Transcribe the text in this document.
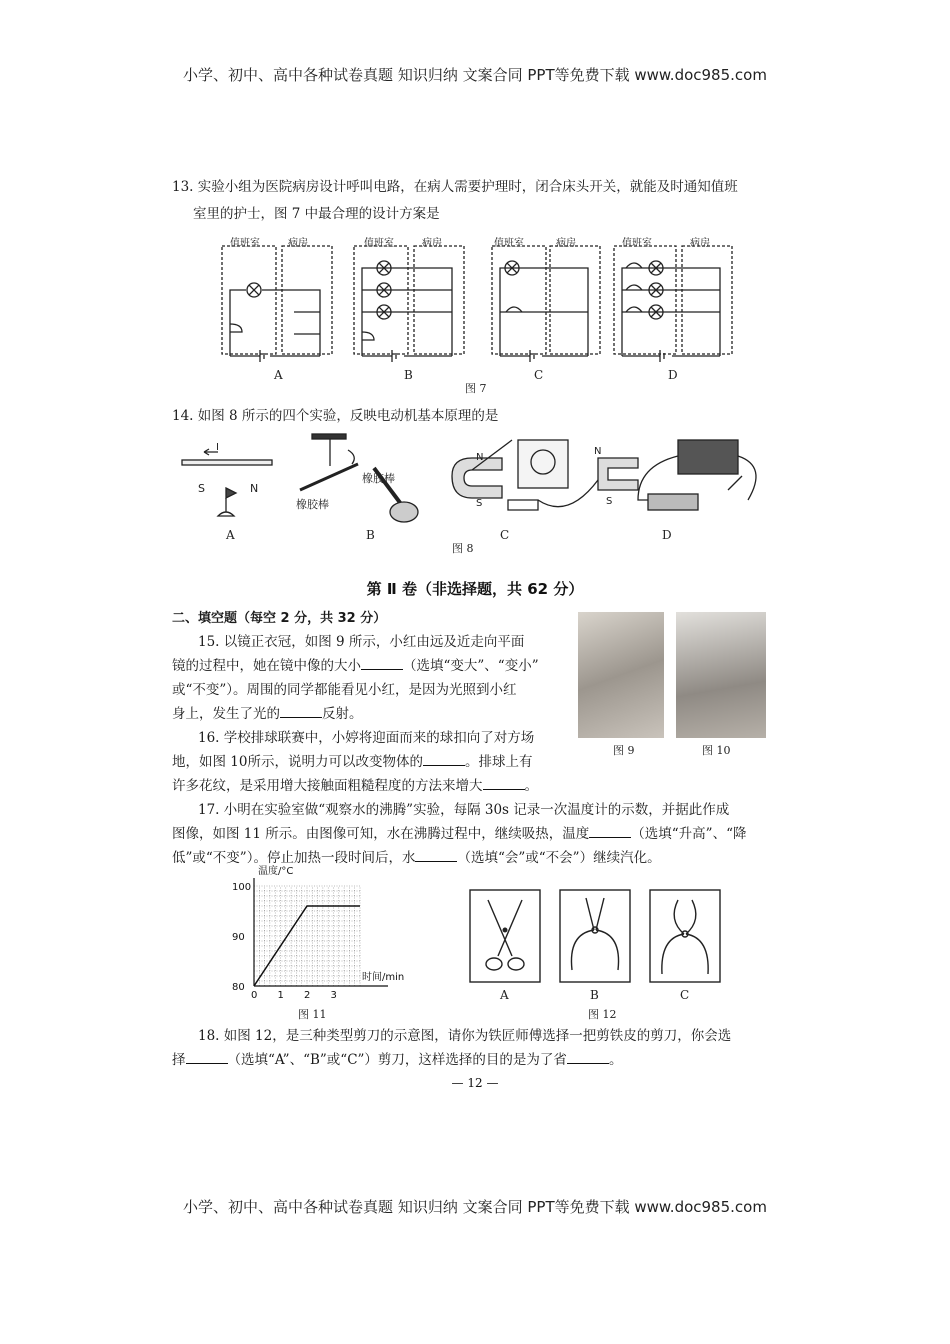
小学、初中、高中各种试卷真题 知识归纳 文案合同 PPT等免费下载 www.doc985.com
13. 实验小组为医院病房设计呼叫电路，在病人需要护理时，闭合床头开关，就能及时通知值班
室里的护士，图 7 中最合理的设计方案是
值班室	病房	值班室	病房	值班室	病房	值班室	病房
A	B	C	D
图 7
14. 如图 8 所示的四个实验，反映电动机基本原理的是
I
S	N
N
S
N
S
橡胶棒
橡胶棒
A	B	C	D
图 8
第 Ⅱ 卷（非选择题，共 62 分）
二、填空题（每空 2 分，共 32 分）
15. 以镜正衣冠，如图 9 所示，小红由远及近走向平面
镜的过程中，她在镜中像的大小	（选填“变大”、“变小”
或“不变”）。周围的同学都能看见小红，是因为光照到小红
身上，发生了光的	反射。
16. 学校排球联赛中，小婷将迎面而来的球扣向了对方场
地，如图 10所示，说明力可以改变物体的	。排球上有
许多花纹，是采用增大接触面粗糙程度的方法来增大	。
图 9	图 10
17. 小明在实验室做“观察水的沸腾”实验，每隔 30s 记录一次温度计的示数，并据此作成
图像，如图 11 所示。由图像可知，水在沸腾过程中，继续吸热，温度	（选填“升高”、“降
低”或“不变”）。停止加热一段时间后，水	（选填“会”或“不会”）继续汽化。
温度/°C
时间/min
0 1 2 3
80
90
100
图 11
A	B	C
图 12
18. 如图 12，是三种类型剪刀的示意图，请你为铁匠师傅选择一把剪铁皮的剪刀，你会选
择	（选填“A”、“B”或“C”）剪刀，这样选择的目的是为了省	。
— 12 —
小学、初中、高中各种试卷真题 知识归纳 文案合同 PPT等免费下载 www.doc985.com
